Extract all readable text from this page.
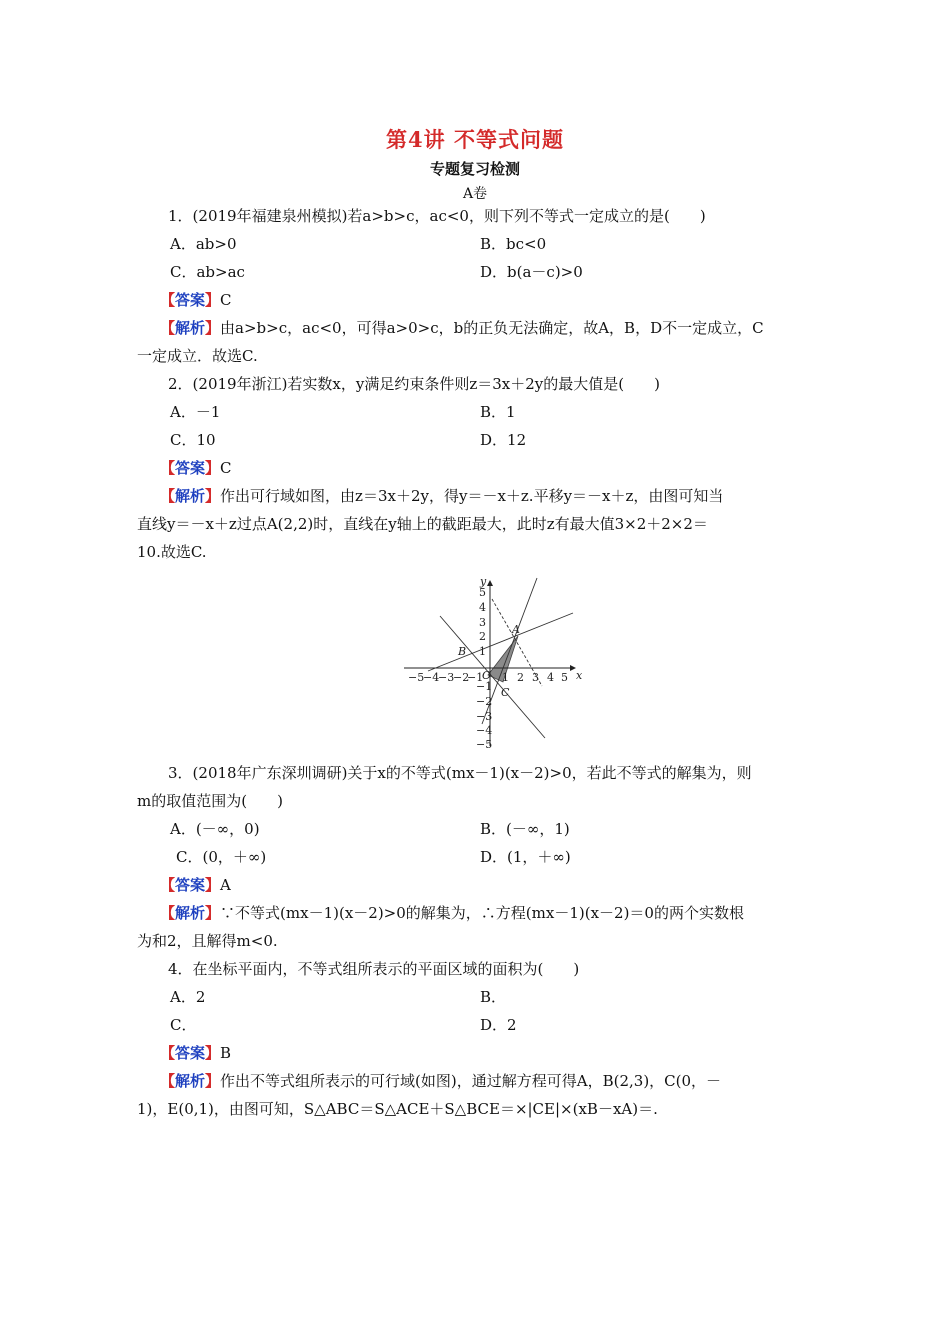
第4讲 不等式问题
专题复习检测
A卷
1．(2019年福建泉州模拟)若a>b>c，ac<0，则下列不等式一定成立的是(　　)
A．ab>0	B．bc<0
C．ab>ac	D．b(a－c)>0
【答案】C
【解析】由a>b>c，ac<0，可得a>0>c，b的正负无法确定，故A，B，D不一定成立，C
一定成立．故选C.
2．(2019年浙江)若实数x，y满足约束条件则z＝3x＋2y的最大值是(　　)
A．－1	B．1
C．10	D．12
【答案】C
【解析】作出可行域如图，由z＝3x＋2y，得y＝－x＋z.平移y＝－x＋z，由图可知当
直线y＝－x＋z过点A(2,2)时，直线在y轴上的截距最大，此时z有最大值3×2＋2×2＝
10.故选C.
−5
−4
−3
−2
−1 1 2 3 4 5
5
4
3
2
1
−1
−2
−3
−4
−5
x
y
O
A
B
C
3．(2018年广东深圳调研)关于x的不等式(mx－1)(x－2)>0，若此不等式的解集为，则
m的取值范围为(　　)
A．(－∞，0)	B．(－∞，1)
C．(0，＋∞)	D．(1，＋∞)
【答案】A
【解析】∵不等式(mx－1)(x－2)>0的解集为，∴方程(mx－1)(x－2)＝0的两个实数根
为和2，且解得m<0.
4．在坐标平面内，不等式组所表示的平面区域的面积为(　　)
A．2	B．
C．	D．2
【答案】B
【解析】作出不等式组所表示的可行域(如图)，通过解方程可得A，B(2,3)，C(0，－
1)，E(0,1)，由图可知，S△ABC＝S△ACE＋S△BCE＝×|CE|×(xB－xA)＝.
